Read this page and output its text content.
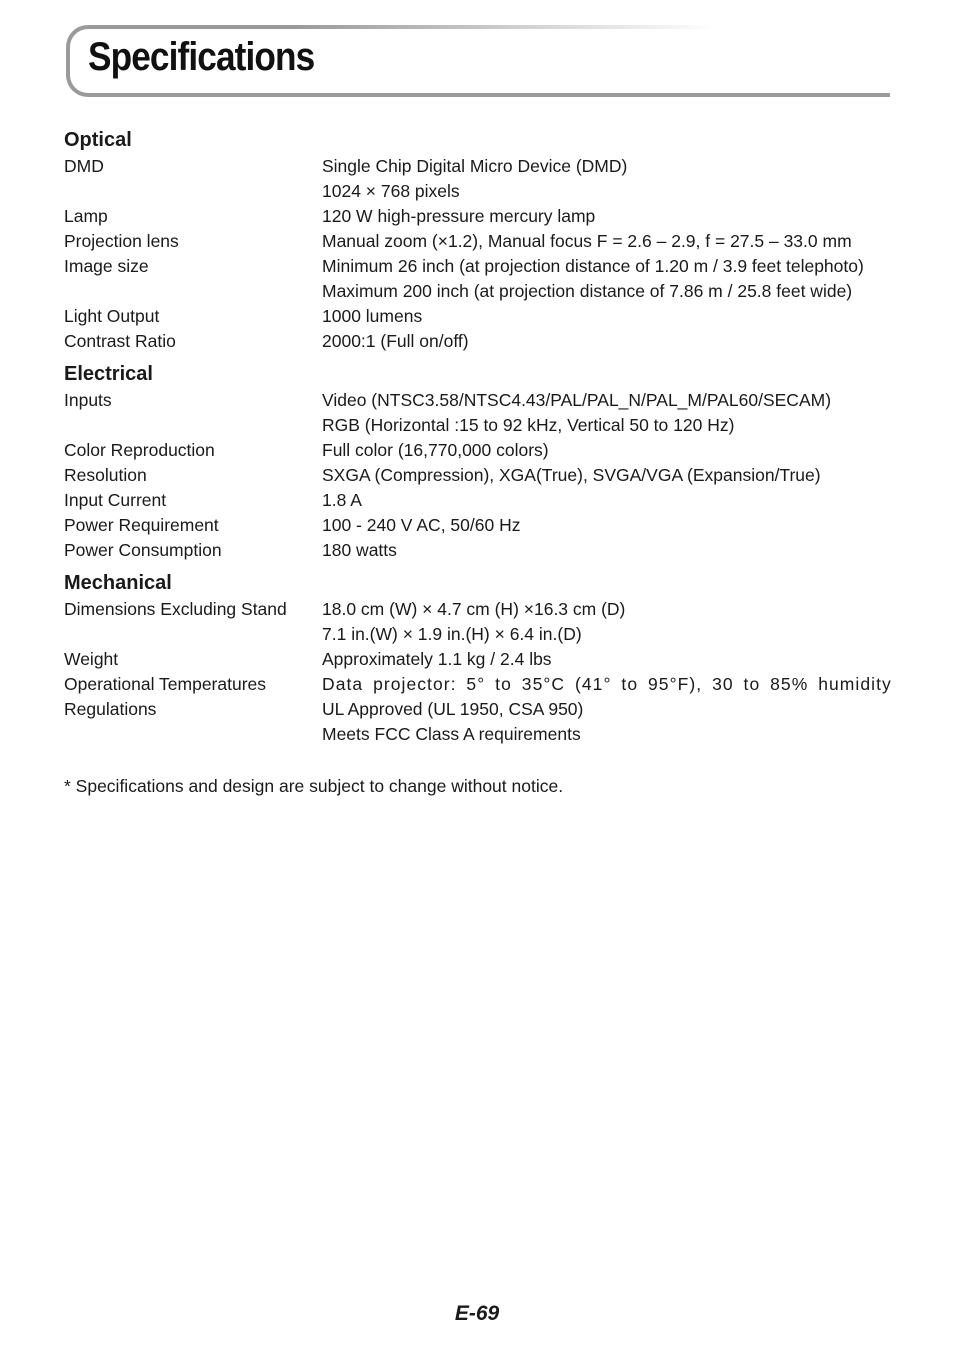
Specifications
Optical
DMD	Single Chip Digital Micro Device (DMD)
1024 × 768 pixels
Lamp	120 W high-pressure mercury lamp
Projection lens	Manual zoom (×1.2), Manual focus F = 2.6 – 2.9, f = 27.5 – 33.0 mm
Image size	Minimum 26 inch (at projection distance of 1.20 m / 3.9 feet telephoto)
Maximum 200 inch (at projection distance of 7.86 m / 25.8 feet wide)
Light Output	1000 lumens
Contrast Ratio	2000:1 (Full on/off)
Electrical
Inputs	Video (NTSC3.58/NTSC4.43/PAL/PAL_N/PAL_M/PAL60/SECAM)
RGB (Horizontal :15 to 92 kHz, Vertical 50 to 120 Hz)
Color Reproduction	Full color (16,770,000 colors)
Resolution	SXGA (Compression), XGA(True), SVGA/VGA (Expansion/True)
Input Current	1.8 A
Power Requirement	100 - 240 V AC, 50/60 Hz
Power Consumption	180 watts
Mechanical
Dimensions Excluding Stand	18.0 cm (W) × 4.7 cm (H) ×16.3 cm (D)
7.1 in.(W) × 1.9 in.(H) × 6.4 in.(D)
Weight	Approximately 1.1 kg / 2.4 lbs
Operational Temperatures	Data projector: 5° to 35°C (41° to 95°F), 30 to 85% humidity
Regulations	UL Approved (UL 1950, CSA 950)
Meets FCC Class A requirements
* Specifications and design are subject to change without notice.
E-69
